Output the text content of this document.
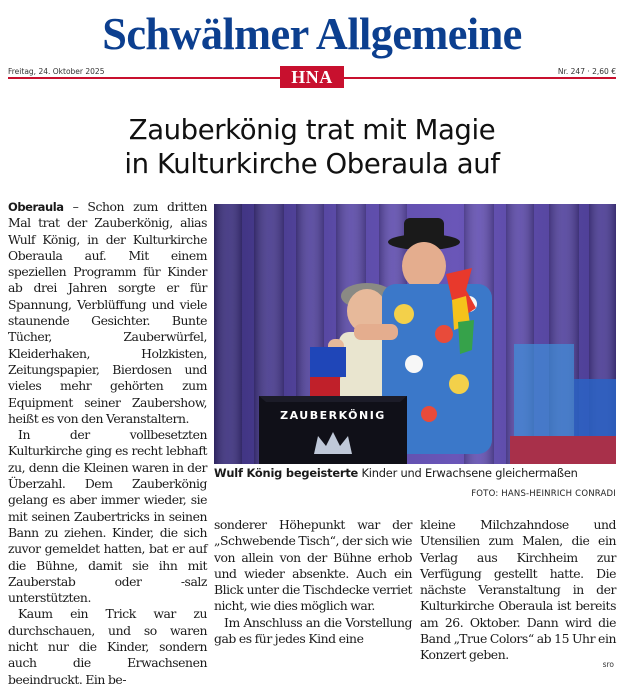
Schwälmer Allgemeine
Freitag, 24. Oktober 2025	HNA	Nr. 247 · 2,60 €
Zauberkönig trat mit Magie
in Kulturkirche Oberaula auf

Oberaula – Schon zum dritten Mal trat der Zauberkönig, alias Wulf König, in der Kulturkirche Oberaula auf. Mit einem speziellen Programm für Kinder ab drei Jahren sorgte er für Spannung, Verblüffung und viele staunende Gesichter. Bunte Tücher, Zauberwürfel, Kleiderhaken, Holzkisten, Zeitungspapier, Bierdosen und vieles mehr gehörten zum Equipment seiner Zaubershow, heißt es von den Veranstaltern.

In der vollbesetzten Kulturkirche ging es recht lebhaft zu, denn die Kleinen waren in der Überzahl. Dem Zauberkönig gelang es aber immer wieder, sie mit seinen Zaubertricks in seinen Bann zu ziehen. Kinder, die sich zuvor gemeldet hatten, bat er auf die Bühne, damit sie ihn mit Zauberstab oder -salz unterstützten.

Kaum ein Trick war zu durchschauen, und so waren nicht nur die Kinder, sondern auch die Erwachsenen beeindruckt. Ein be-

ZAUBERKÖNIG
Wulf König begeisterte Kinder und Erwachsene gleichermaßen
FOTO: HANS-HEINRICH CONRADI

sonderer Höhepunkt war der „Schwebende Tisch“, der sich wie von allein von der Bühne erhob und wieder absenkte. Auch ein Blick unter die Tischdecke verriet nicht, wie dies möglich war.

Im Anschluss an die Vorstellung gab es für jedes Kind eine

kleine Milchzahndose und Utensilien zum Malen, die ein Verlag aus Kirchheim zur Verfügung gestellt hatte. Die nächste Veranstaltung in der Kulturkirche Oberaula ist bereits am 26. Oktober. Dann wird die Band „True Colors“ ab 15 Uhr ein Konzert geben.

sro
